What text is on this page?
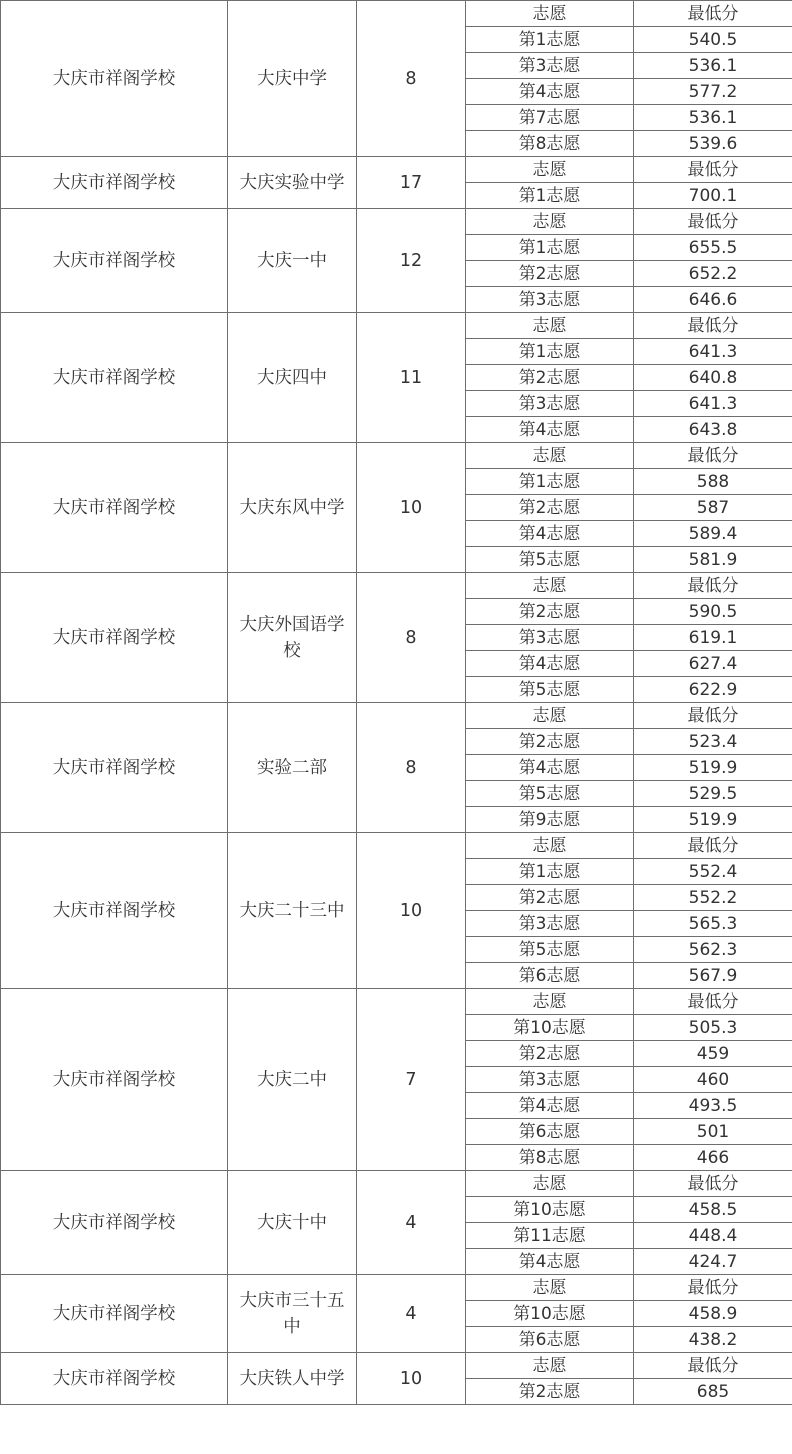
大庆市祥阁学校	大庆中学	8	志愿	最低分
			第1志愿	540.5
			第3志愿	536.1
			第4志愿	577.2
			第7志愿	536.1
			第8志愿	539.6
大庆市祥阁学校	大庆实验中学	17	志愿	最低分
			第1志愿	700.1
大庆市祥阁学校	大庆一中	12	志愿	最低分
			第1志愿	655.5
			第2志愿	652.2
			第3志愿	646.6
大庆市祥阁学校	大庆四中	11	志愿	最低分
			第1志愿	641.3
			第2志愿	640.8
			第3志愿	641.3
			第4志愿	643.8
大庆市祥阁学校	大庆东风中学	10	志愿	最低分
			第1志愿	588
			第2志愿	587
			第4志愿	589.4
			第5志愿	581.9
大庆市祥阁学校	大庆外国语学校	8	志愿	最低分
			第2志愿	590.5
			第3志愿	619.1
			第4志愿	627.4
			第5志愿	622.9
大庆市祥阁学校	实验二部	8	志愿	最低分
			第2志愿	523.4
			第4志愿	519.9
			第5志愿	529.5
			第9志愿	519.9
大庆市祥阁学校	大庆二十三中	10	志愿	最低分
			第1志愿	552.4
			第2志愿	552.2
			第3志愿	565.3
			第5志愿	562.3
			第6志愿	567.9
大庆市祥阁学校	大庆二中	7	志愿	最低分
			第10志愿	505.3
			第2志愿	459
			第3志愿	460
			第4志愿	493.5
			第6志愿	501
			第8志愿	466
大庆市祥阁学校	大庆十中	4	志愿	最低分
			第10志愿	458.5
			第11志愿	448.4
			第4志愿	424.7
大庆市祥阁学校	大庆市三十五中	4	志愿	最低分
			第10志愿	458.9
			第6志愿	438.2
大庆市祥阁学校	大庆铁人中学	10	志愿	最低分
			第2志愿	685
